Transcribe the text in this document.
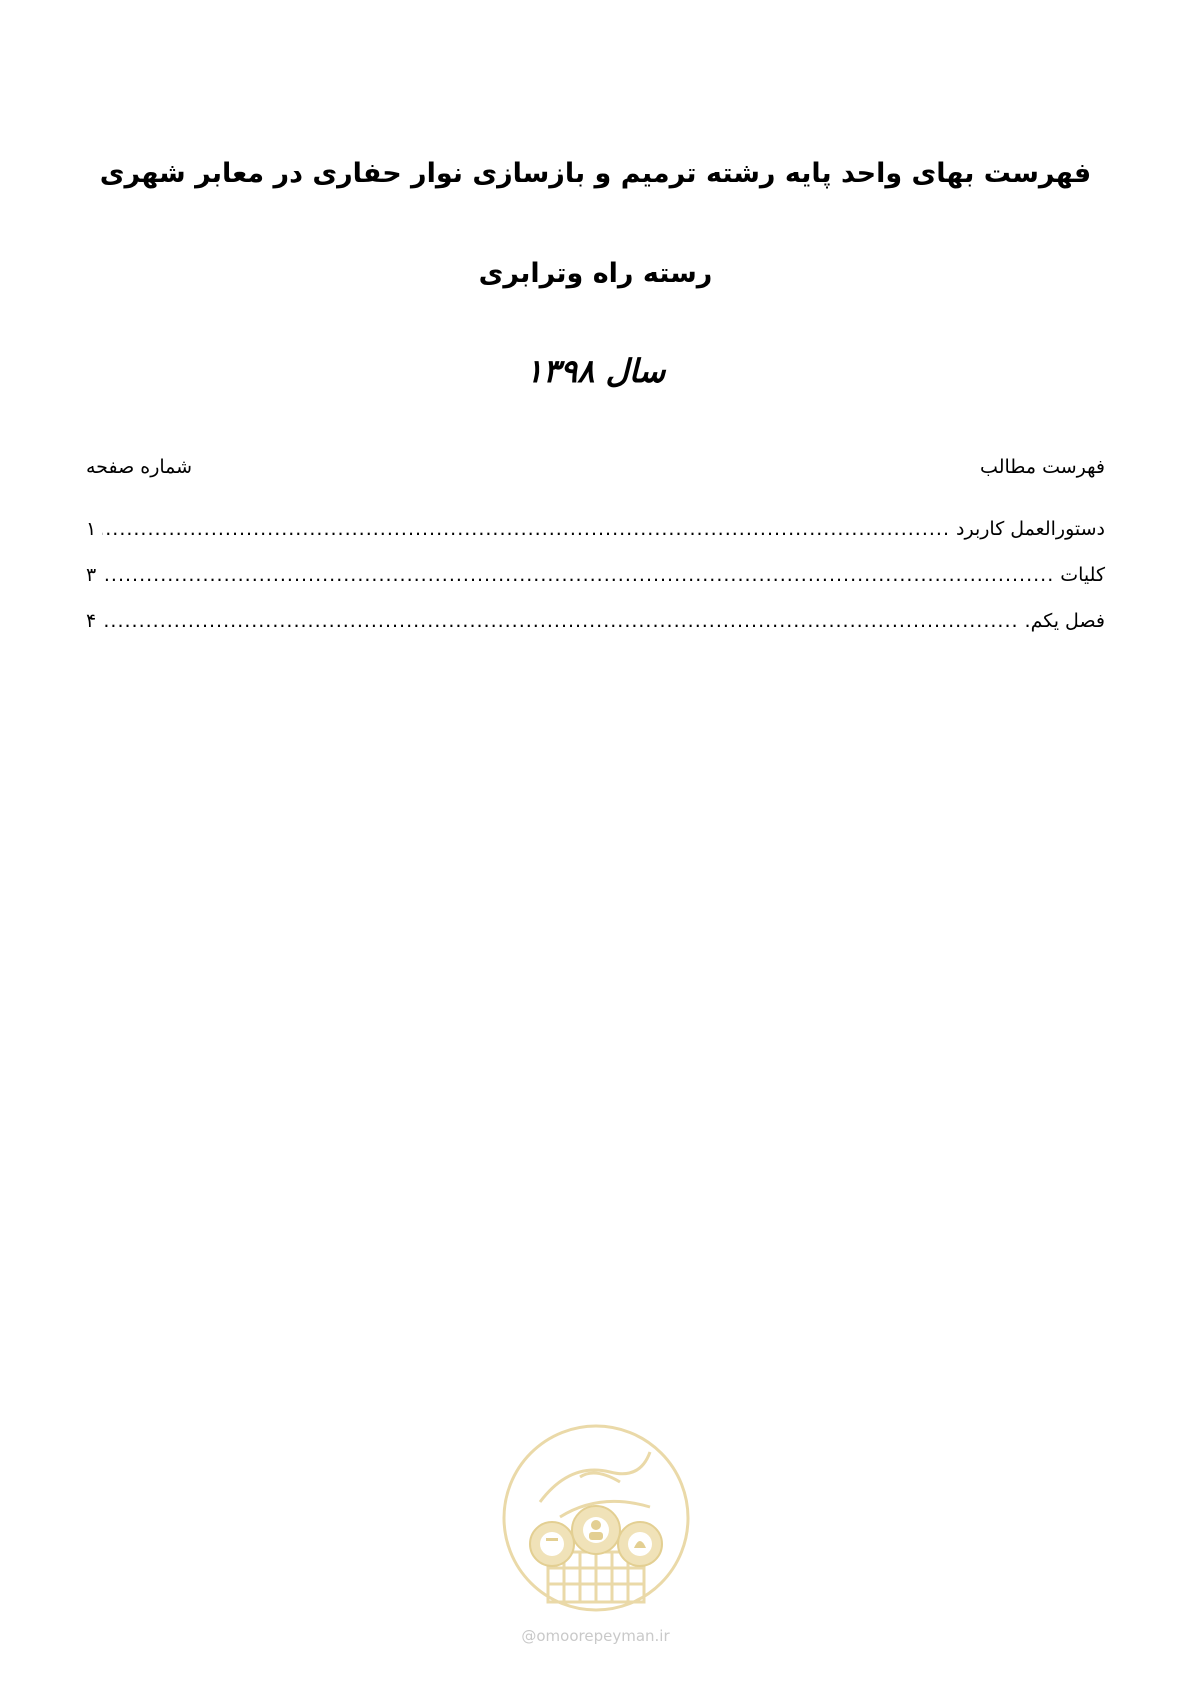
فهرست بهای واحد پایه رشته ترمیم و بازسازی نوار حفاری در معابر شهری
رسته راه وترابری
سال ۱۳۹۸
فهرست مطالب
شماره صفحه
دستورالعمل کاربرد
.....
۱
کلیات
.....
۳
فصل یکم.
.....
۴
@omoorepeyman.ir
